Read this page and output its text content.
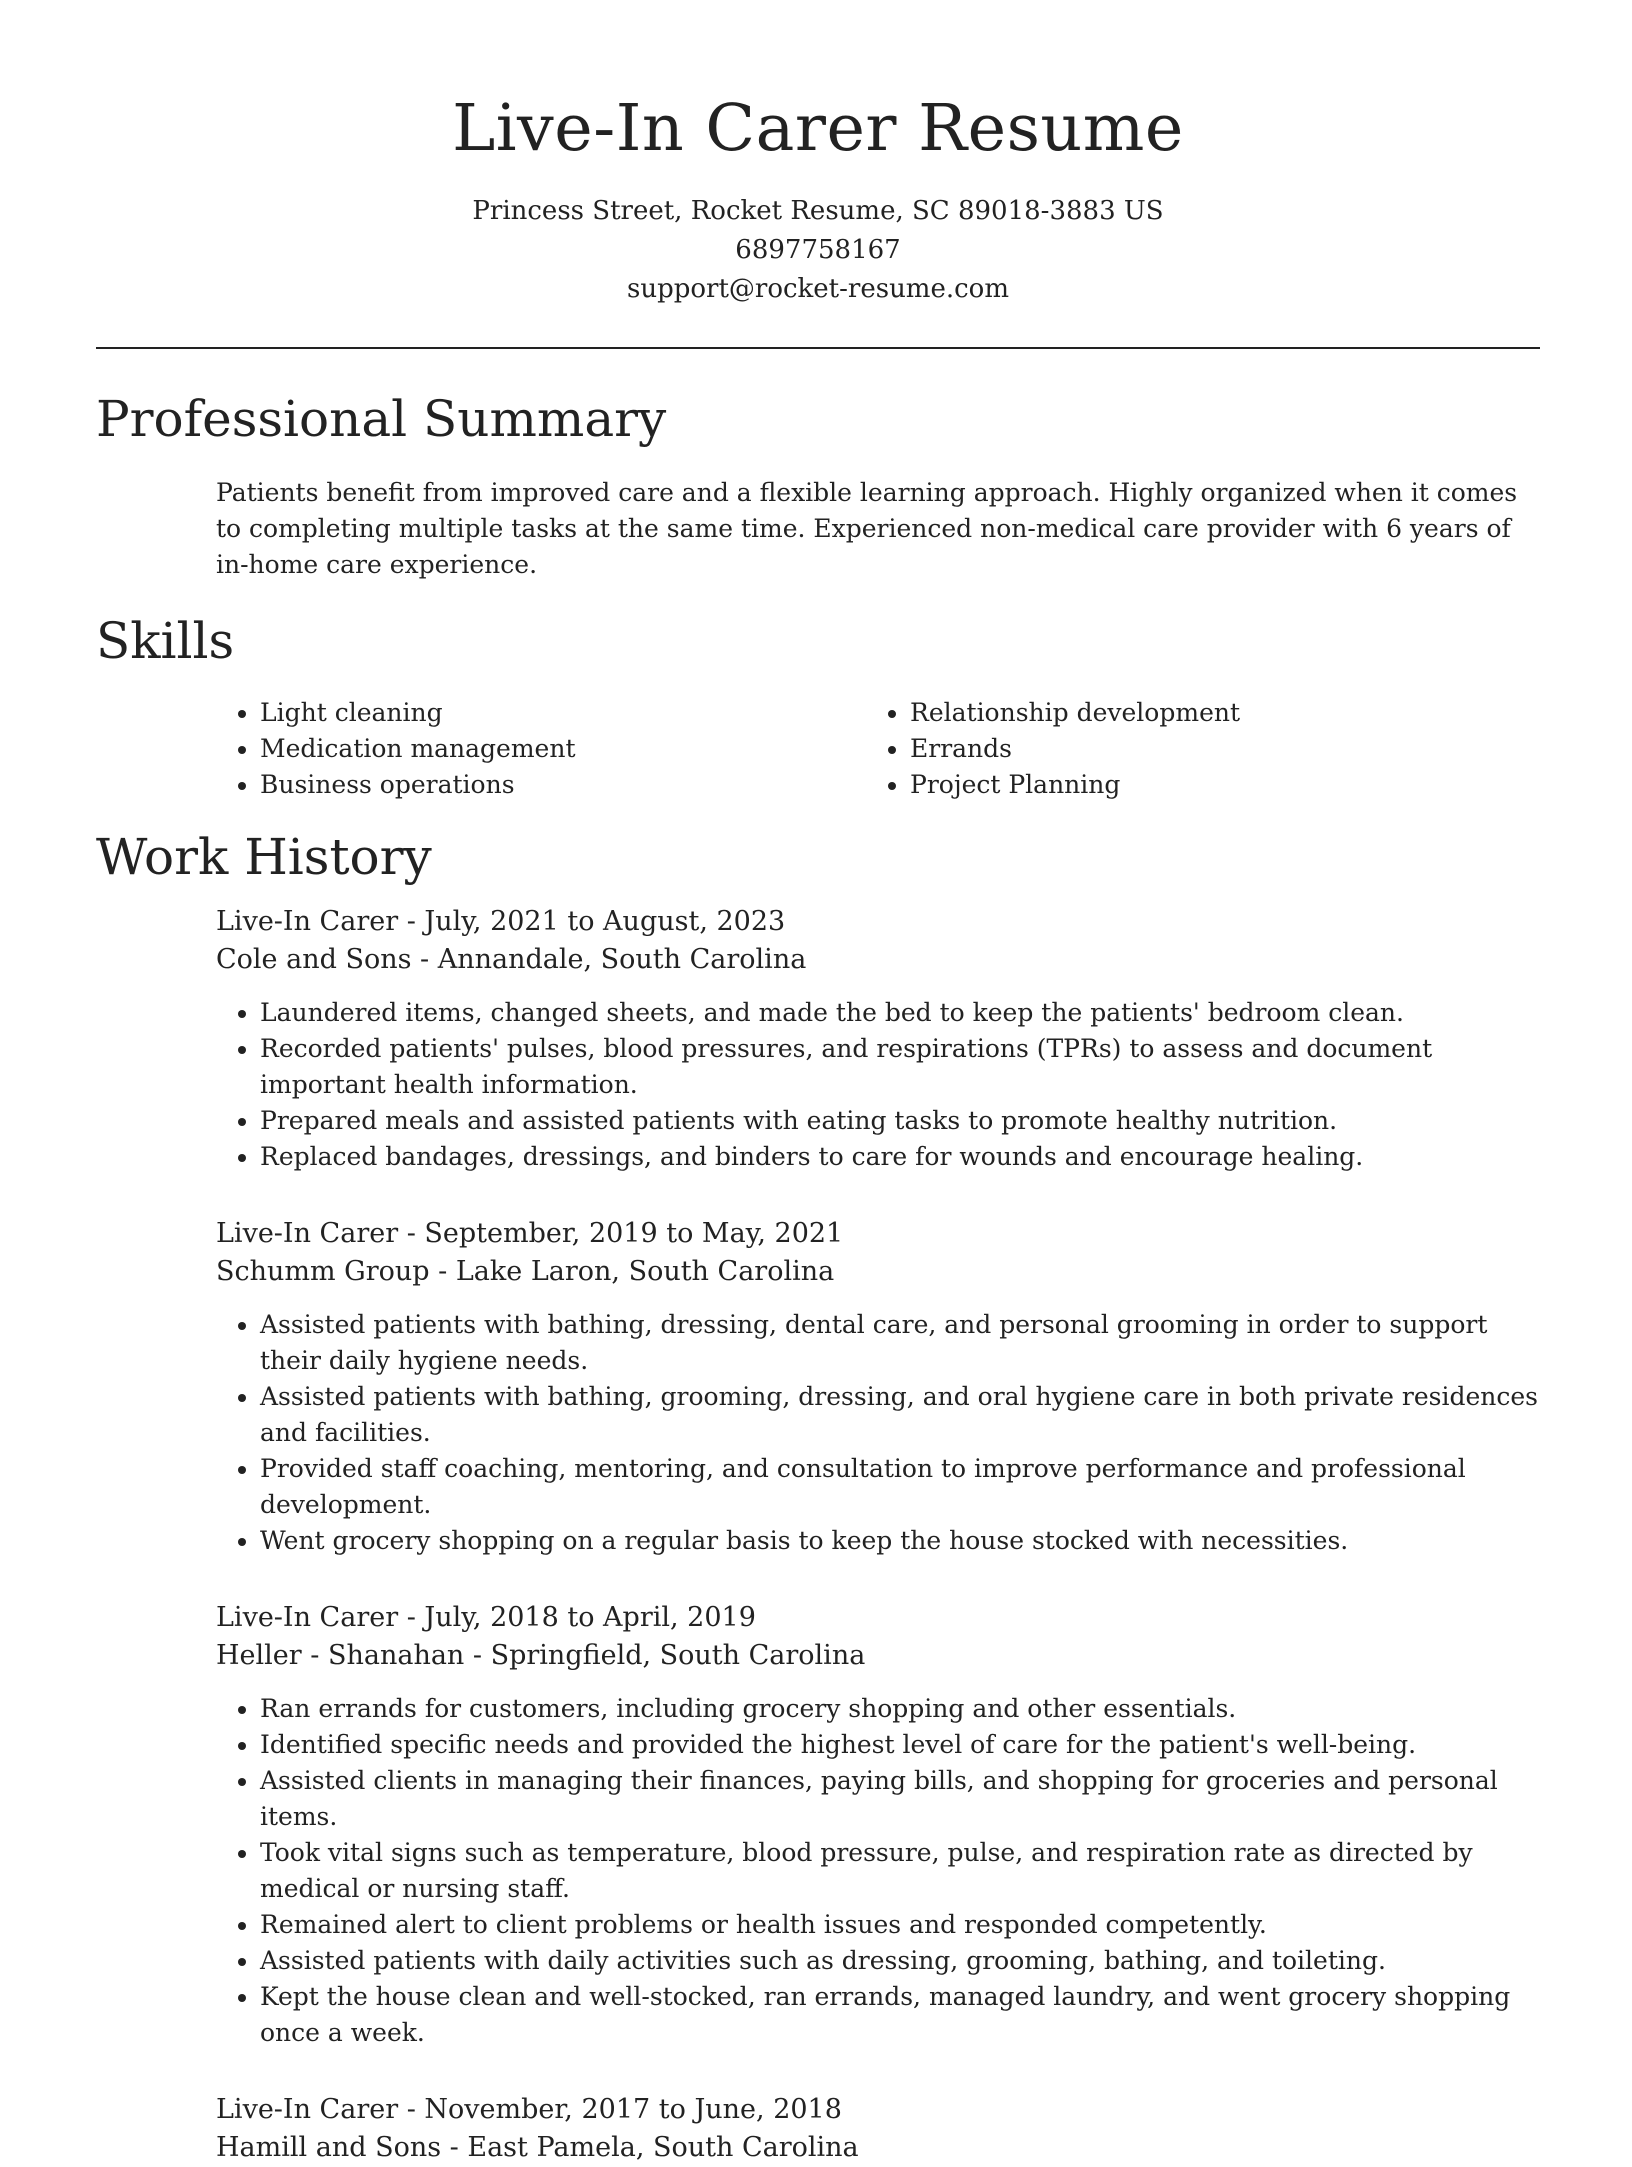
Live-In Carer Resume
Princess Street, Rocket Resume, SC 89018-3883 US
6897758167
support@rocket-resume.com
Professional Summary

Patients benefit from improved care and a flexible learning approach. Highly organized when it comes to completing multiple tasks at the same time. Experienced non-medical care provider with 6 years of in-home care experience.

Skills
• Light cleaning
• Medication management
• Business operations
• Relationship development
• Errands
• Project Planning
Work History
Live-In Carer - July, 2021 to August, 2023
Cole and Sons - Annandale, South Carolina
• Laundered items, changed sheets, and made the bed to keep the patients' bedroom clean.
• Recorded patients' pulses, blood pressures, and respirations (TPRs) to assess and document important health information.
• Prepared meals and assisted patients with eating tasks to promote healthy nutrition.
• Replaced bandages, dressings, and binders to care for wounds and encourage healing.
Live-In Carer - September, 2019 to May, 2021
Schumm Group - Lake Laron, South Carolina
• Assisted patients with bathing, dressing, dental care, and personal grooming in order to support their daily hygiene needs.
• Assisted patients with bathing, grooming, dressing, and oral hygiene care in both private residences and facilities.
• Provided staff coaching, mentoring, and consultation to improve performance and professional development.
• Went grocery shopping on a regular basis to keep the house stocked with necessities.
Live-In Carer - July, 2018 to April, 2019
Heller - Shanahan - Springfield, South Carolina
• Ran errands for customers, including grocery shopping and other essentials.
• Identified specific needs and provided the highest level of care for the patient's well-being.
• Assisted clients in managing their finances, paying bills, and shopping for groceries and personal items.
• Took vital signs such as temperature, blood pressure, pulse, and respiration rate as directed by medical or nursing staff.
• Remained alert to client problems or health issues and responded competently.
• Assisted patients with daily activities such as dressing, grooming, bathing, and toileting.
• Kept the house clean and well-stocked, ran errands, managed laundry, and went grocery shopping once a week.
Live-In Carer - November, 2017 to June, 2018
Hamill and Sons - East Pamela, South Carolina
